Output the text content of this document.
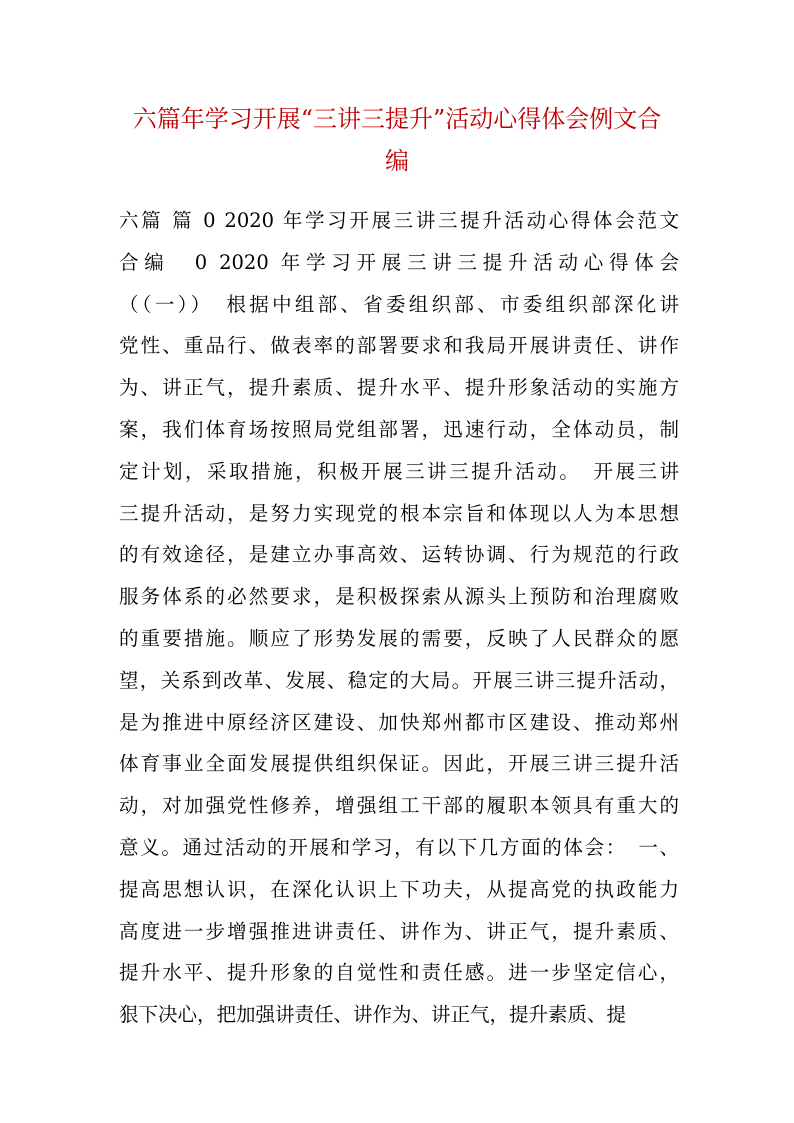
六篇年学习开展“三讲三提升”活动心得体会例文合
编
六篇 篇 0 2020 年学习开展三讲三提升活动心得体会范文
合编　0 2020 年学习开展三讲三提升活动心得体会
（（一））　根据中组部、省委组织部、市委组织部深化讲
党性、重品行、做表率的部署要求和我局开展讲责任、讲作
为、讲正气，提升素质、提升水平、提升形象活动的实施方
案，我们体育场按照局党组部署，迅速行动，全体动员，制
定计划，采取措施，积极开展三讲三提升活动。　开展三讲
三提升活动，是努力实现党的根本宗旨和体现以人为本思想
的有效途径，是建立办事高效、运转协调、行为规范的行政
服务体系的必然要求，是积极探索从源头上预防和治理腐败
的重要措施。顺应了形势发展的需要，反映了人民群众的愿
望，关系到改革、发展、稳定的大局。开展三讲三提升活动，
是为推进中原经济区建设、加快郑州都市区建设、推动郑州
体育事业全面发展提供组织保证。因此，开展三讲三提升活
动，对加强党性修养，增强组工干部的履职本领具有重大的
意义。通过活动的开展和学习，有以下几方面的体会：　一、
提高思想认识，在深化认识上下功夫，从提高党的执政能力
高度进一步增强推进讲责任、讲作为、讲正气，提升素质、
提升水平、提升形象的自觉性和责任感。进一步坚定信心，
狠下决心，把加强讲责任、讲作为、讲正气，提升素质、提
